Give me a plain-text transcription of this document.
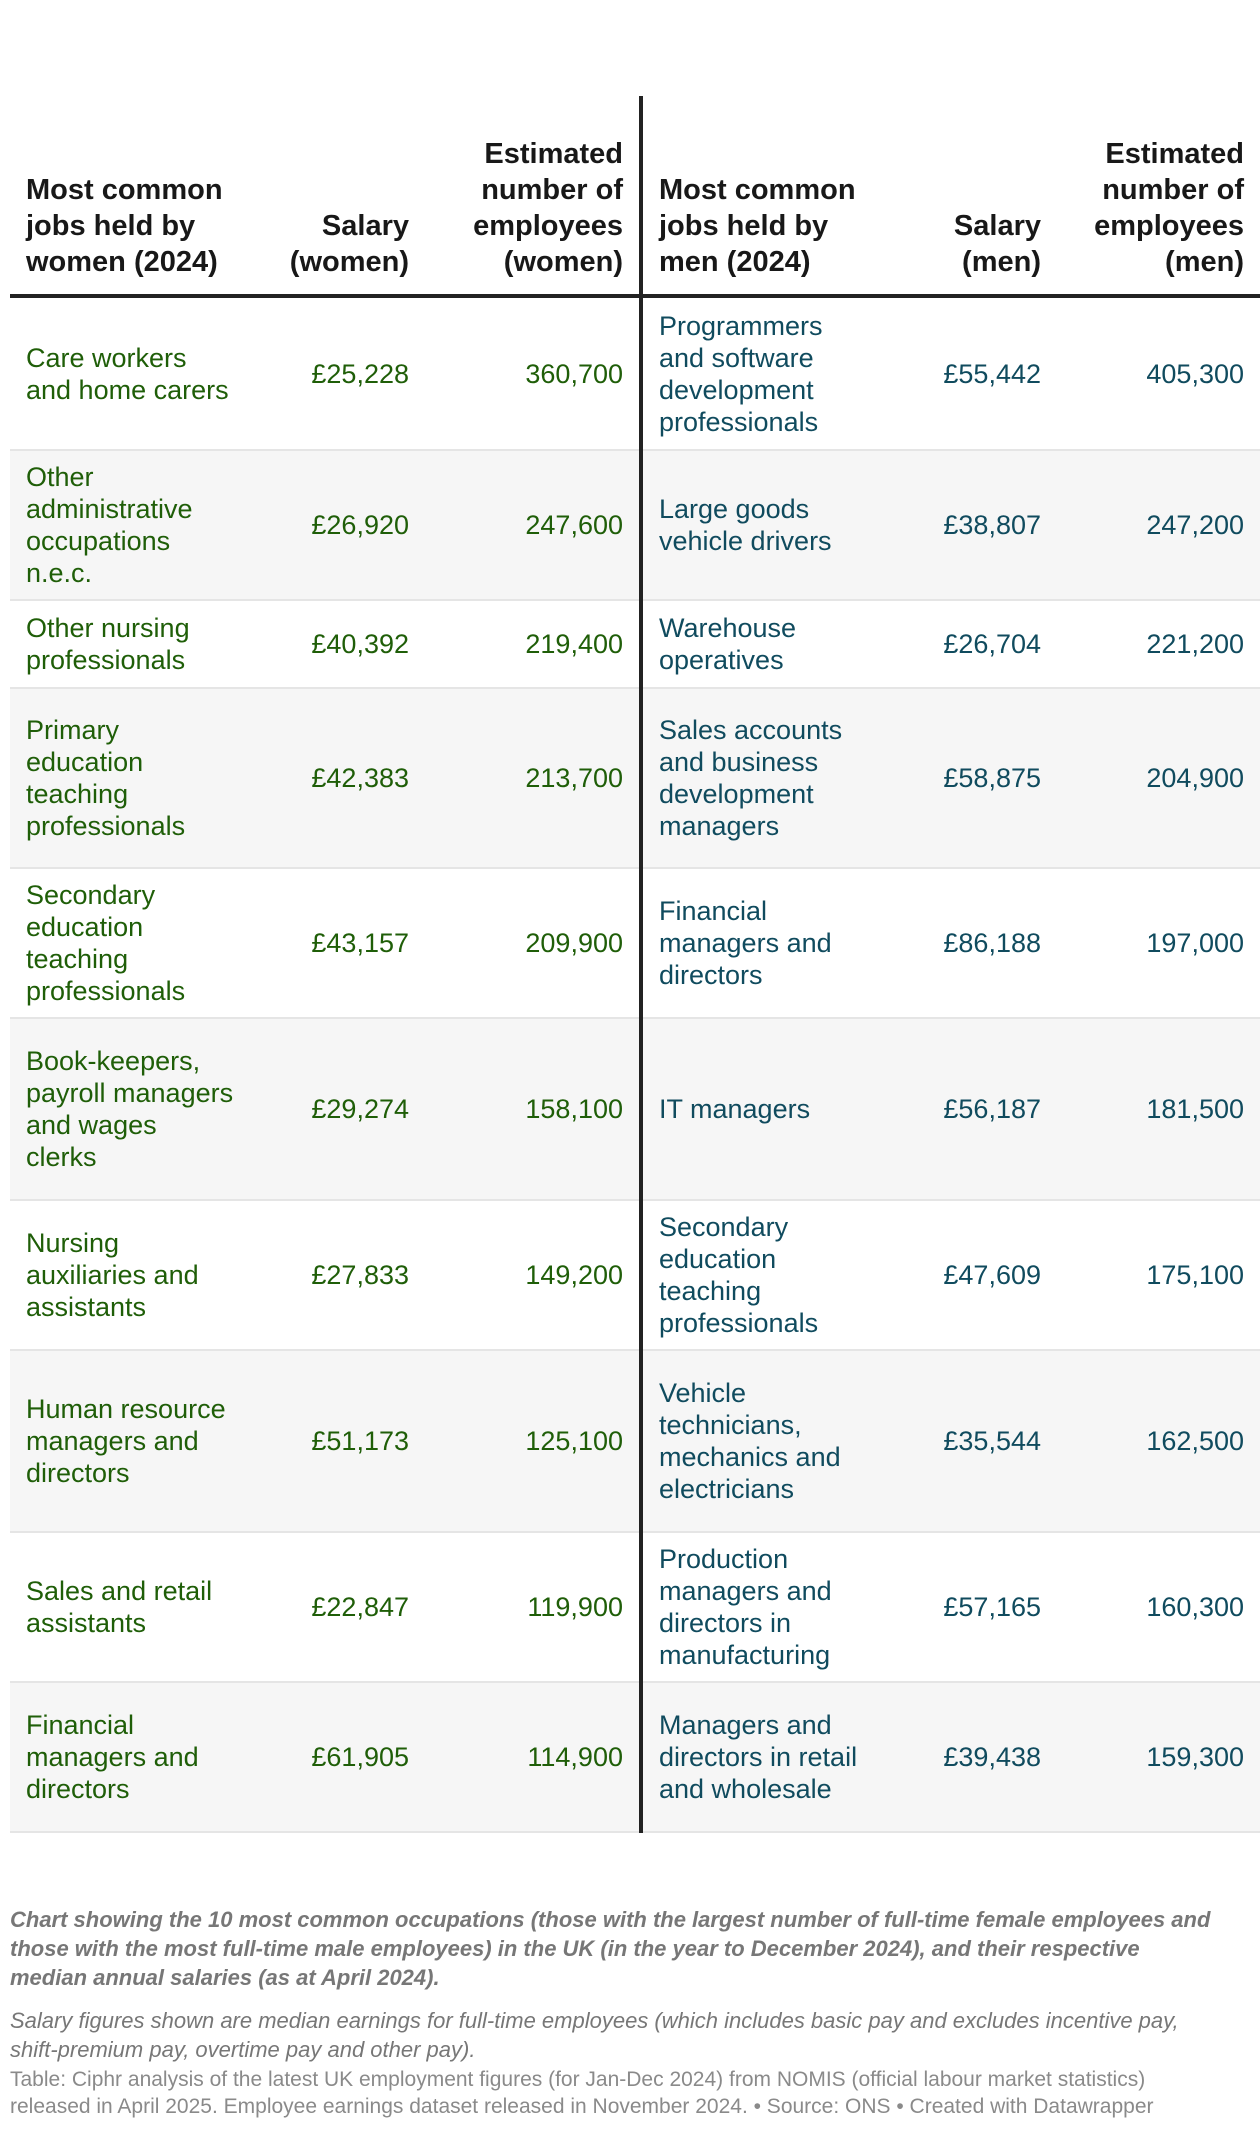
Most common jobs held by women (2024)	Salary (women)	Estimated number of employees (women)	Most common jobs held by men (2024)	Salary (men)	Estimated number of employees (men)
Care workers and home carers	£25,228	360,700	Programmers and software development professionals	£55,442	405,300
Other administrative occupations n.e.c.	£26,920	247,600	Large goods vehicle drivers	£38,807	247,200
Other nursing professionals	£40,392	219,400	Warehouse operatives	£26,704	221,200
Primary education teaching professionals	£42,383	213,700	Sales accounts and business development managers	£58,875	204,900
Secondary education teaching professionals	£43,157	209,900	Financial managers and directors	£86,188	197,000
Book-keepers, payroll managers and wages clerks	£29,274	158,100	IT managers	£56,187	181,500
Nursing auxiliaries and assistants	£27,833	149,200	Secondary education teaching professionals	£47,609	175,100
Human resource managers and directors	£51,173	125,100	Vehicle technicians, mechanics and electricians	£35,544	162,500
Sales and retail assistants	£22,847	119,900	Production managers and directors in manufacturing	£57,165	160,300
Financial managers and directors	£61,905	114,900	Managers and directors in retail and wholesale	£39,438	159,300

Chart showing the 10 most common occupations (those with the largest number of full-time female employees and those with the most full-time male employees) in the UK (in the year to December 2024), and their respective median annual salaries (as at April 2024).

Salary figures shown are median earnings for full-time employees (which includes basic pay and excludes incentive pay, shift-premium pay, overtime pay and other pay).

Table: Ciphr analysis of the latest UK employment figures (for Jan-Dec 2024) from NOMIS (official labour market statistics) released in April 2025. Employee earnings dataset released in November 2024. • Source: ONS • Created with Datawrapper
